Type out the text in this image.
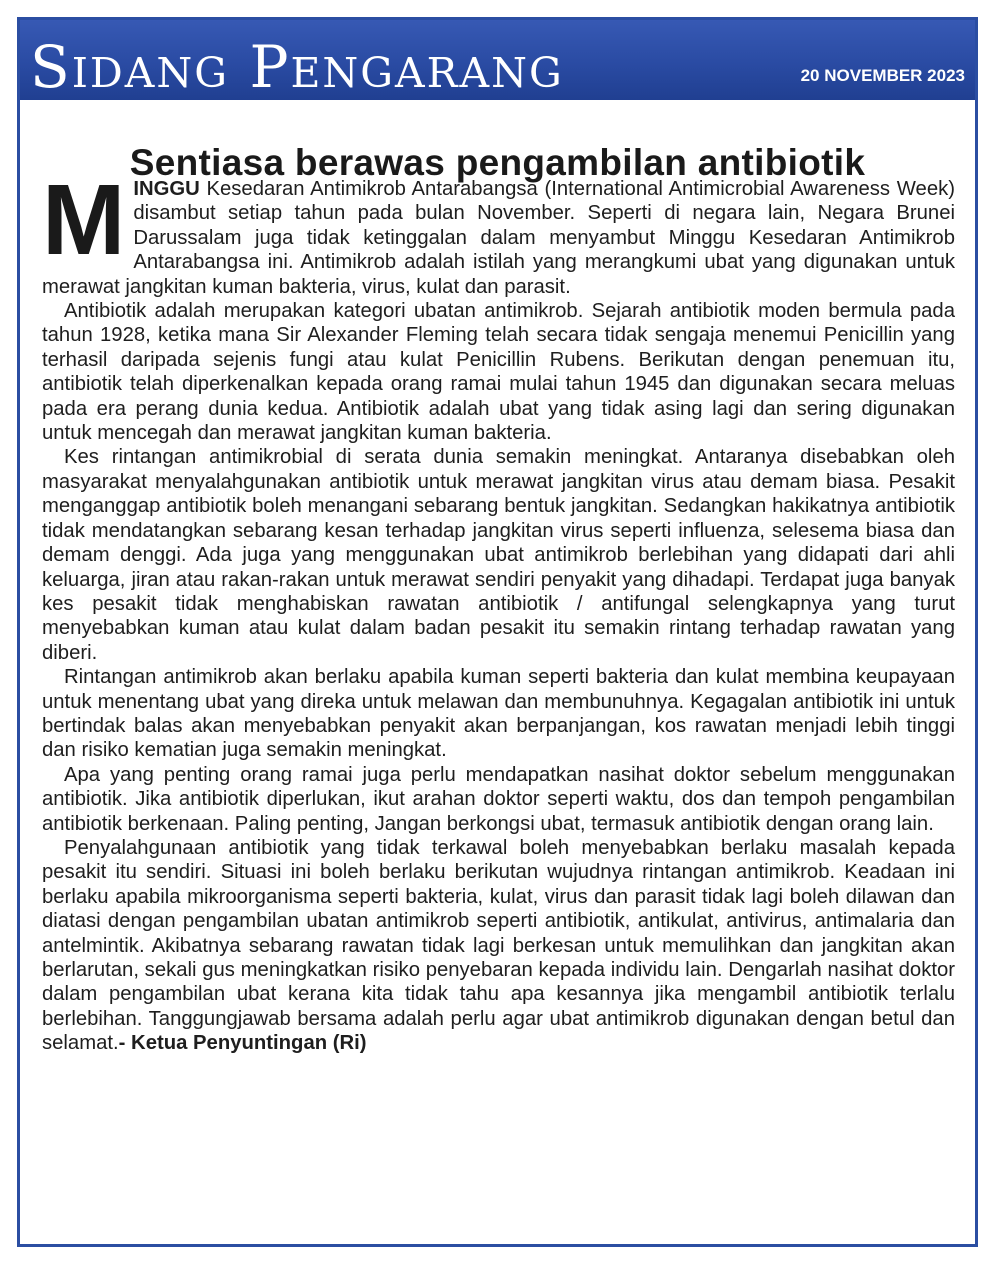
Sidang Pengarang	20 NOVEMBER 2023
Sentiasa berawas pengambilan antibiotik

MINGGU Kesedaran Antimikrob Antarabangsa (International Antimicrobial Awareness Week) disambut setiap tahun pada bulan November. Seperti di negara lain, Negara Brunei Darussalam juga tidak ketinggalan dalam menyambut Minggu Kesedaran Antimikrob Antarabangsa ini. Antimikrob adalah istilah yang merangkumi ubat yang digunakan untuk merawat jangkitan kuman bakteria, virus, kulat dan parasit.

Antibiotik adalah merupakan kategori ubatan antimikrob. Sejarah antibiotik moden bermula pada tahun 1928, ketika mana Sir Alexander Fleming telah secara tidak sengaja menemui Penicillin yang terhasil daripada sejenis fungi atau kulat Penicillin Rubens. Berikutan dengan penemuan itu, antibiotik telah diperkenalkan kepada orang ramai mulai tahun 1945 dan digunakan secara meluas pada era perang dunia kedua. Antibiotik adalah ubat yang tidak asing lagi dan sering digunakan untuk mencegah dan merawat jangkitan kuman bakteria.

Kes rintangan antimikrobial di serata dunia semakin meningkat. Antaranya disebabkan oleh masyarakat menyalahgunakan antibiotik untuk merawat jangkitan virus atau demam biasa. Pesakit menganggap antibiotik boleh menangani sebarang bentuk jangkitan. Sedangkan hakikatnya antibiotik tidak mendatangkan sebarang kesan terhadap jangkitan virus seperti influenza, selesema biasa dan demam denggi. Ada juga yang menggunakan ubat antimikrob berlebihan yang didapati dari ahli keluarga, jiran atau rakan-rakan untuk merawat sendiri penyakit yang dihadapi. Terdapat juga banyak kes pesakit tidak menghabiskan rawatan antibiotik / antifungal selengkapnya yang turut menyebabkan kuman atau kulat dalam badan pesakit itu semakin rintang terhadap rawatan yang diberi.

Rintangan antimikrob akan berlaku apabila kuman seperti bakteria dan kulat membina keupayaan untuk menentang ubat yang direka untuk melawan dan membunuhnya. Kegagalan antibiotik ini untuk bertindak balas akan menyebabkan penyakit akan berpanjangan, kos rawatan menjadi lebih tinggi dan risiko kematian juga semakin meningkat.

Apa yang penting orang ramai juga perlu mendapatkan nasihat doktor sebelum menggunakan antibiotik. Jika antibiotik diperlukan, ikut arahan doktor seperti waktu, dos dan tempoh pengambilan antibiotik berkenaan. Paling penting, Jangan berkongsi ubat, termasuk antibiotik dengan orang lain.

Penyalahgunaan antibiotik yang tidak terkawal boleh menyebabkan berlaku masalah kepada pesakit itu sendiri. Situasi ini boleh berlaku berikutan wujudnya rintangan antimikrob. Keadaan ini berlaku apabila mikroorganisma seperti bakteria, kulat, virus dan parasit tidak lagi boleh dilawan dan diatasi dengan pengambilan ubatan antimikrob seperti antibiotik, antikulat, antivirus, antimalaria dan antelmintik. Akibatnya sebarang rawatan tidak lagi berkesan untuk memulihkan dan jangkitan akan berlarutan, sekali gus meningkatkan risiko penyebaran kepada individu lain. Dengarlah nasihat doktor dalam pengambilan ubat kerana kita tidak tahu apa kesannya jika mengambil antibiotik terlalu berlebihan. Tanggungjawab bersama adalah perlu agar ubat antimikrob digunakan dengan betul dan selamat.- Ketua Penyuntingan (Ri)
